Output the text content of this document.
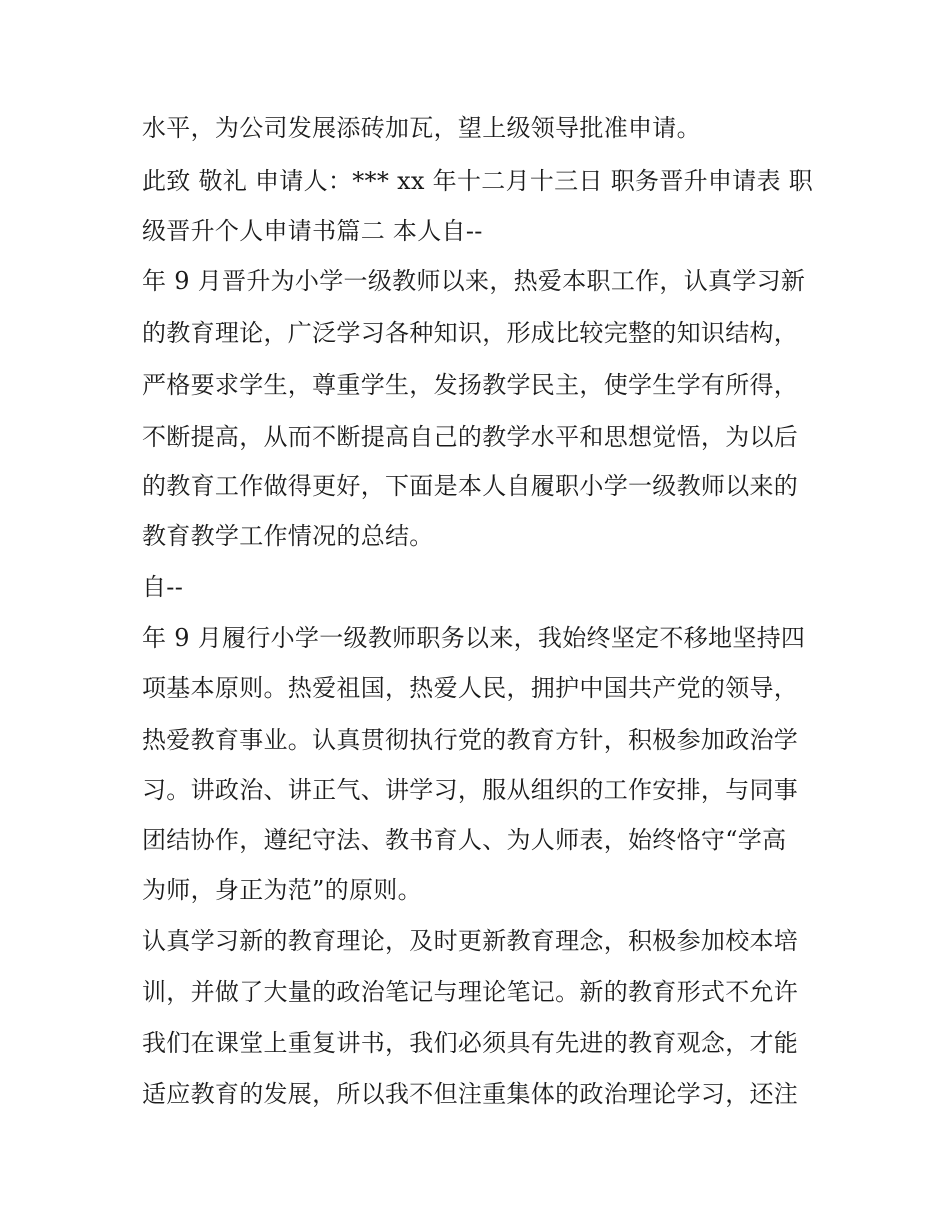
水平，为公司发展添砖加瓦，望上级领导批准申请。
此致 敬礼 申请人：*** xx 年十二月十三日 职务晋升申请表 职
级晋升个人申请书篇二 本人自--
年 9 月晋升为小学一级教师以来，热爱本职工作，认真学习新
的教育理论，广泛学习各种知识，形成比较完整的知识结构，
严格要求学生，尊重学生，发扬教学民主，使学生学有所得，
不断提高，从而不断提高自己的教学水平和思想觉悟，为以后
的教育工作做得更好，下面是本人自履职小学一级教师以来的
教育教学工作情况的总结。
自--
年 9 月履行小学一级教师职务以来，我始终坚定不移地坚持四
项基本原则。热爱祖国，热爱人民，拥护中国共产党的领导，
热爱教育事业。认真贯彻执行党的教育方针，积极参加政治学
习。讲政治、讲正气、讲学习，服从组织的工作安排，与同事
团结协作，遵纪守法、教书育人、为人师表，始终恪守“学高
为师，身正为范”的原则。
认真学习新的教育理论，及时更新教育理念，积极参加校本培
训，并做了大量的政治笔记与理论笔记。新的教育形式不允许
我们在课堂上重复讲书，我们必须具有先进的教育观念，才能
适应教育的发展，所以我不但注重集体的政治理论学习，还注
